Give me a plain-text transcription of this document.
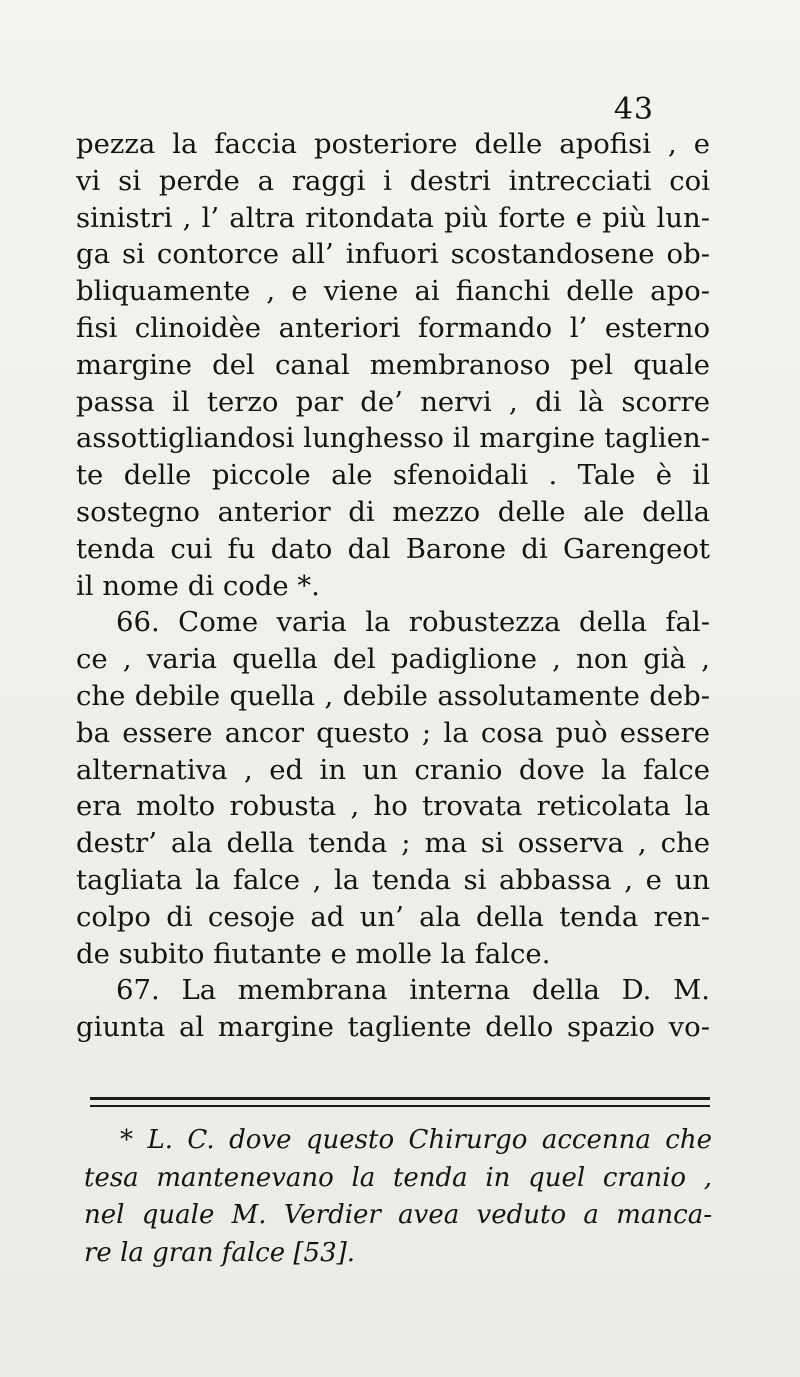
43
pezza la faccia posteriore delle apofisi , e
vi si perde a raggi i destri intrecciati coi
sinistri , l’ altra ritondata più forte e più lun-
ga si contorce all’ infuori scostandosene ob-
bliquamente , e viene ai fianchi delle apo-
fisi clinoidèe anteriori formando l’ esterno
margine del canal membranoso pel quale
passa il terzo par de’ nervi , di là scorre
assottigliandosi lunghesso il margine taglien-
te delle piccole ale sfenoidali . Tale è il
sostegno anterior di mezzo delle ale della
tenda cui fu dato dal Barone di Garengeot
il nome di code *.
66. Come varia la robustezza della fal-
ce , varia quella del padiglione , non già ,
che debile quella , debile assolutamente deb-
ba essere ancor questo ; la cosa può essere
alternativa , ed in un cranio dove la falce
era molto robusta , ho trovata reticolata la
destr’ ala della tenda ; ma si osserva , che
tagliata la falce , la tenda si abbassa , e un
colpo di cesoje ad un’ ala della tenda ren-
de subito fiutante e molle la falce.
67. La membrana interna della D. M.
giunta al margine tagliente dello spazio vo-
* L. C. dove questo Chirurgo accenna che
tesa mantenevano la tenda in quel cranio ,
nel quale M. Verdier avea veduto a manca-
re la gran falce [53].
